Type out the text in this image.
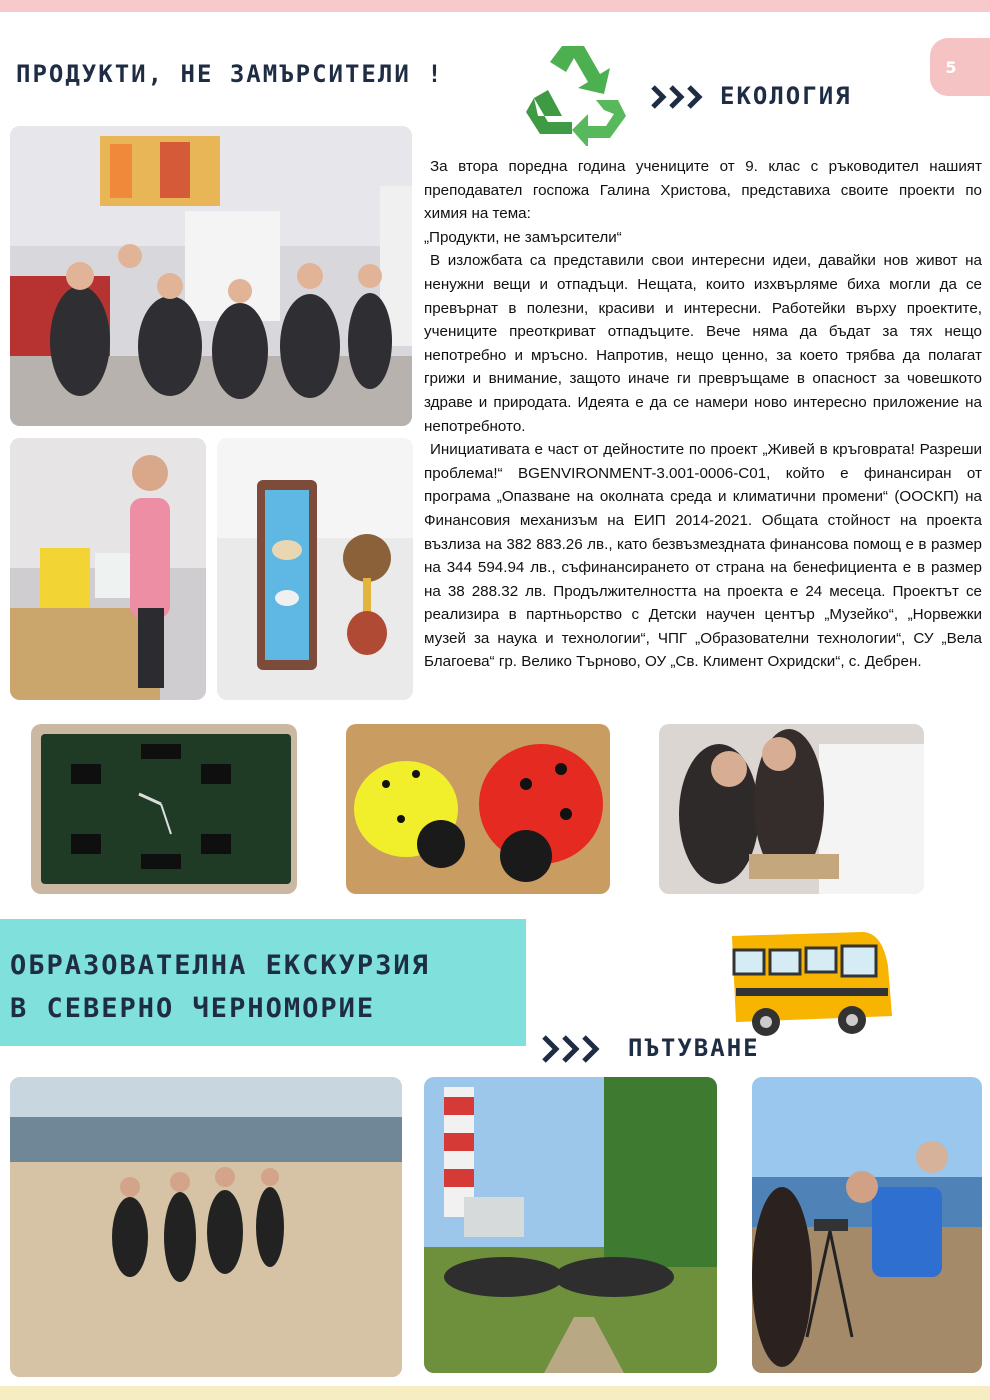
5
ПРОДУКТИ, НЕ ЗАМЪРСИТЕЛИ !
ЕКОЛОГИЯ

За втора поредна година учениците от 9. клас с ръководител нашият преподавател госпожа Галина Христова, представиха своите проекти по химия на тема:

„Продукти, не замърсители“

В изложбата са представили свои интересни идеи, давайки нов живот на ненужни вещи и отпадъци. Нещата, които изхвърляме биха могли да се превърнат в полезни, красиви и интересни. Работейки върху проектите, учениците преоткриват отпадъците. Вече няма да бъдат за тях нещо непотребно и мръсно. Напротив, нещо ценно, за което трябва да полагат грижи и внимание, защото иначе ги превръщаме в опасност за човешкото здраве и природата. Идеята е да се намери ново интересно приложение на непотребното.

Инициативата е част от дейностите по проект „Живей в кръговрата! Разреши проблема!“ BGENVIRONMENT-3.001-0006-C01, който е финансиран от програма „Опазване на околната среда и климатични промени“ (ООСКП) на Финансовия механизъм на ЕИП 2014-2021. Общата стойност на проекта възлиза на 382 883.26 лв., като безвъзмездната финансова помощ е в размер на 344 594.94 лв., съфинансирането от страна на бенефициента е в размер на 38 288.32 лв. Продължителността на проекта е 24 месеца. Проектът се реализира в партньорство с Детски научен център „Музейко“, „Норвежки музей за наука и технологии“, ЧПГ „Образователни технологии“, СУ „Вела Благоева“ гр. Велико Търново, ОУ „Св. Климент Охридски“, с. Дебрен.

ОБРАЗОВАТЕЛНА ЕКСКУРЗИЯ
В СЕВЕРНО ЧЕРНОМОРИЕ
ПЪТУВАНЕ
